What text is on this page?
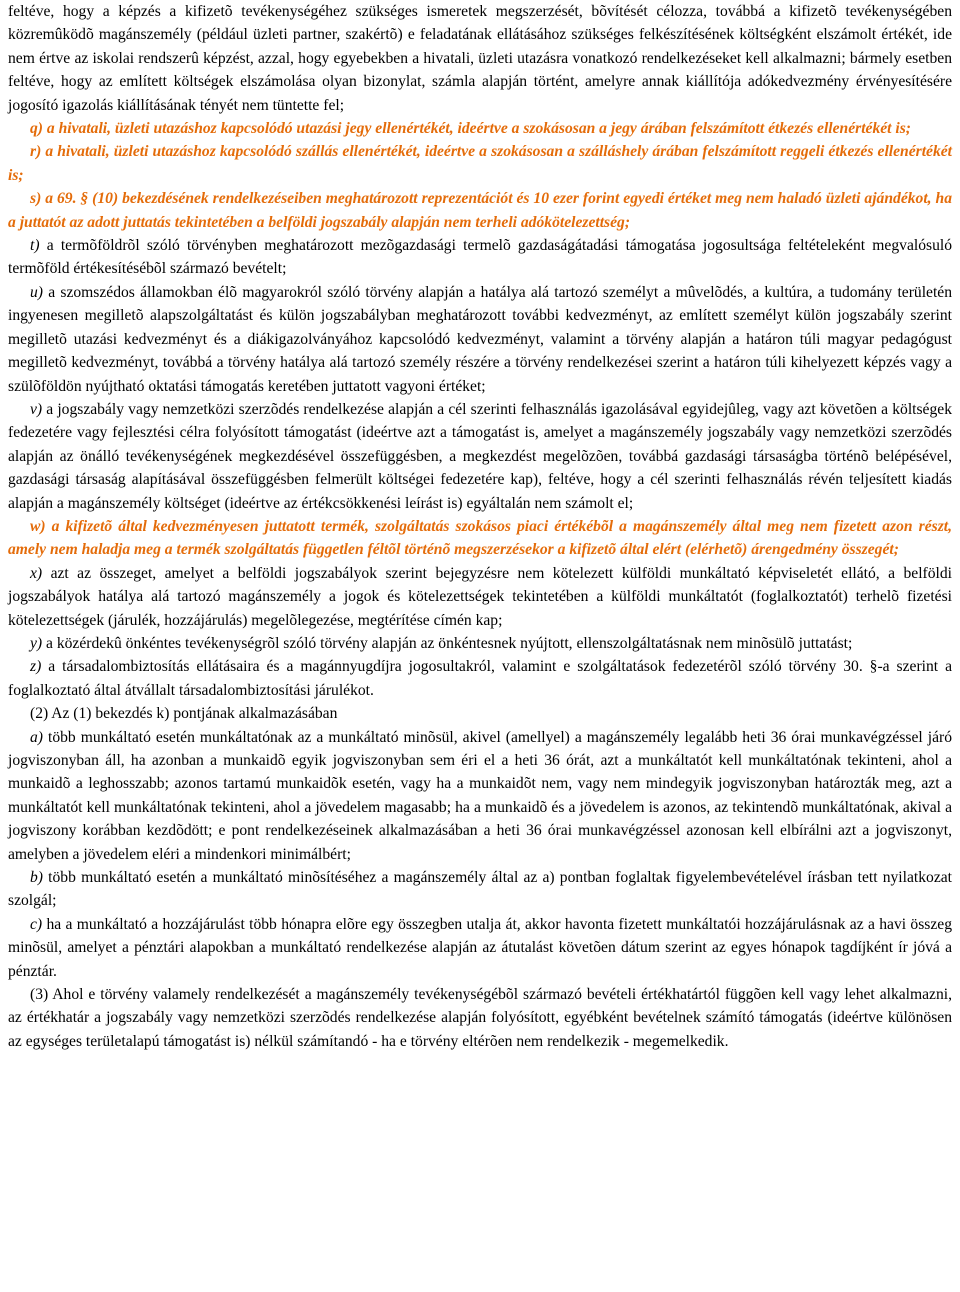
feltéve, hogy a képzés a kifizetõ tevékenységéhez szükséges ismeretek megszerzését, bõvítését célozza, továbbá a kifizetõ tevékenységében közremûködõ magánszemély (például üzleti partner, szakértõ) e feladatának ellátásához szükséges felkészítésének költségként elszámolt értékét, ide nem értve az iskolai rendszerû képzést, azzal, hogy egyebekben a hivatali, üzleti utazásra vonatkozó rendelkezéseket kell alkalmazni; bármely esetben feltéve, hogy az említett költségek elszámolása olyan bizonylat, számla alapján történt, amelyre annak kiállítója adókedvezmény érvényesítésére jogosító igazolás kiállításának tényét nem tüntette fel;

q) a hivatali, üzleti utazáshoz kapcsolódó utazási jegy ellenértékét, ideértve a szokásosan a jegy árában felszámított étkezés ellenértékét is;

r) a hivatali, üzleti utazáshoz kapcsolódó szállás ellenértékét, ideértve a szokásosan a szálláshely árában felszámított reggeli étkezés ellenértékét is;

s) a 69. § (10) bekezdésének rendelkezéseiben meghatározott reprezentációt és 10 ezer forint egyedi értéket meg nem haladó üzleti ajándékot, ha a juttatót az adott juttatás tekintetében a belföldi jogszabály alapján nem terheli adókötelezettség;

t) a termõföldrõl szóló törvényben meghatározott mezõgazdasági termelõ gazdaságátadási támogatása jogosultsága feltételeként megvalósuló termõföld értékesítésébõl származó bevételt;

u) a szomszédos államokban élõ magyarokról szóló törvény alapján a hatálya alá tartozó személyt a mûvelõdés, a kultúra, a tudomány területén ingyenesen megilletõ alapszolgáltatást és külön jogszabályban meghatározott további kedvezményt, az említett személyt külön jogszabály szerint megilletõ utazási kedvezményt és a diákigazolványához kapcsolódó kedvezményt, valamint a törvény alapján a határon túli magyar pedagógust megilletõ kedvezményt, továbbá a törvény hatálya alá tartozó személy részére a törvény rendelkezései szerint a határon túli kihelyezett képzés vagy a szülõföldön nyújtható oktatási támogatás keretében juttatott vagyoni értéket;

v) a jogszabály vagy nemzetközi szerzõdés rendelkezése alapján a cél szerinti felhasználás igazolásával egyidejûleg, vagy azt követõen a költségek fedezetére vagy fejlesztési célra folyósított támogatást (ideértve azt a támogatást is, amelyet a magánszemély jogszabály vagy nemzetközi szerzõdés alapján az önálló tevékenységének megkezdésével összefüggésben, a megkezdést megelõzõen, továbbá gazdasági társaságba történõ belépésével, gazdasági társaság alapításával összefüggésben felmerült költségei fedezetére kap), feltéve, hogy a cél szerinti felhasználás révén teljesített kiadás alapján a magánszemély költséget (ideértve az értékcsökkenési leírást is) egyáltalán nem számolt el;

w) a kifizetõ által kedvezményesen juttatott termék, szolgáltatás szokásos piaci értékébõl a magánszemély által meg nem fizetett azon részt, amely nem haladja meg a termék szolgáltatás független féltõl történõ megszerzésekor a kifizetõ által elért (elérhetõ) árengedmény összegét;

x) azt az összeget, amelyet a belföldi jogszabályok szerint bejegyzésre nem kötelezett külföldi munkáltató képviseletét ellátó, a belföldi jogszabályok hatálya alá tartozó magánszemély a jogok és kötelezettségek tekintetében a külföldi munkáltatót (foglalkoztatót) terhelõ fizetési kötelezettségek (járulék, hozzájárulás) megelõlegezése, megtérítése címén kap;

y) a közérdekû önkéntes tevékenységrõl szóló törvény alapján az önkéntesnek nyújtott, ellenszolgáltatásnak nem minõsülõ juttatást;

z) a társadalombiztosítás ellátásaira és a magánnyugdíjra jogosultakról, valamint e szolgáltatások fedezetérõl szóló törvény 30. §-a szerint a foglalkoztató által átvállalt társadalombiztosítási járulékot.

(2) Az (1) bekezdés k) pontjának alkalmazásában

a) több munkáltató esetén munkáltatónak az a munkáltató minõsül, akivel (amellyel) a magánszemély legalább heti 36 órai munkavégzéssel járó jogviszonyban áll, ha azonban a munkaidõ egyik jogviszonyban sem éri el a heti 36 órát, azt a munkáltatót kell munkáltatónak tekinteni, ahol a munkaidõ a leghosszabb; azonos tartamú munkaidõk esetén, vagy ha a munkaidõt nem, vagy nem mindegyik jogviszonyban határozták meg, azt a munkáltatót kell munkáltatónak tekinteni, ahol a jövedelem magasabb; ha a munkaidõ és a jövedelem is azonos, az tekintendõ munkáltatónak, akival a jogviszony korábban kezdõdött; e pont rendelkezéseinek alkalmazásában a heti 36 órai munkavégzéssel azonosan kell elbírálni azt a jogviszonyt, amelyben a jövedelem eléri a mindenkori minimálbért;

b) több munkáltató esetén a munkáltató minõsítéséhez a magánszemély által az a) pontban foglaltak figyelembevételével írásban tett nyilatkozat szolgál;

c) ha a munkáltató a hozzájárulást több hónapra elõre egy összegben utalja át, akkor havonta fizetett munkáltatói hozzájárulásnak az a havi összeg minõsül, amelyet a pénztári alapokban a munkáltató rendelkezése alapján az átutalást követõen dátum szerint az egyes hónapok tagdíjként ír jóvá a pénztár.

(3) Ahol e törvény valamely rendelkezését a magánszemély tevékenységébõl származó bevételi értékhatártól függõen kell vagy lehet alkalmazni, az értékhatár a jogszabály vagy nemzetközi szerzõdés rendelkezése alapján folyósított, egyébként bevételnek számító támogatás (ideértve különösen az egységes területalapú támogatást is) nélkül számítandó - ha e törvény eltérõen nem rendelkezik - megemelkedik.
